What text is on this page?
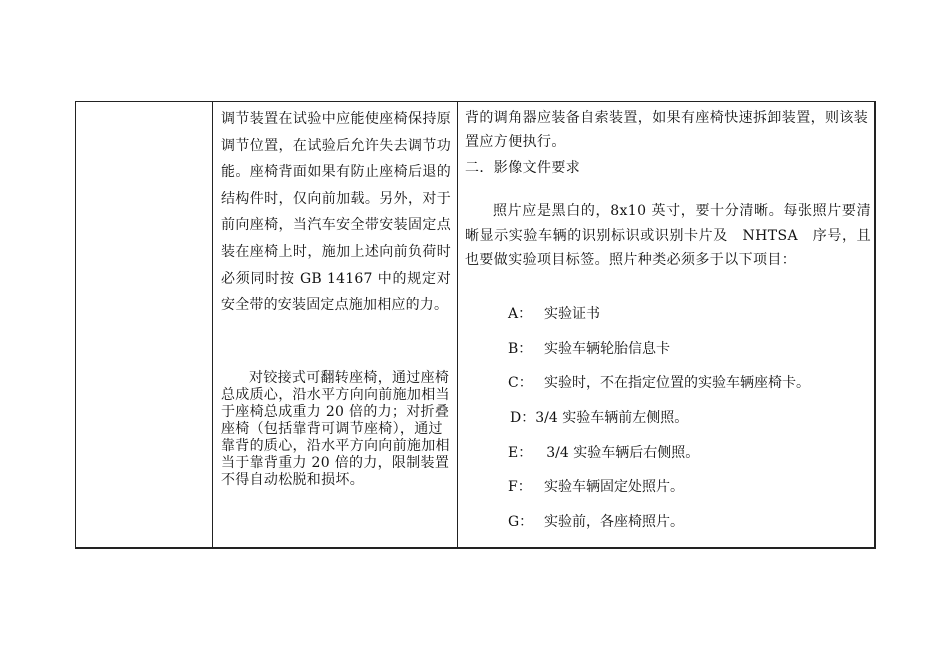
调节装置在试验中应能使座椅保持原调节位置，在试验后允许失去调节功能。座椅背面如果有防止座椅后退的结构件时，仅向前加载。另外，对于前向座椅，当汽车安全带安装固定点装在座椅上时，施加上述向前负荷时必须同时按 GB 14167 中的规定对安全带的安装固定点施加相应的力。

对铰接式可翻转座椅，通过座椅总成质心，沿水平方向向前施加相当于座椅总成重力 20 倍的力；对折叠座椅（包括靠背可调节座椅），通过靠背的质心，沿水平方向向前施加相当于靠背重力 20 倍的力，限制装置不得自动松脱和损坏。

背的调角器应装备自索装置，如果有座椅快速拆卸装置，则该装置应方便执行。

二．影像文件要求

照片应是黑白的，8x10 英寸，要十分清晰。每张照片要清晰显示实验车辆的识别标识或识别卡片及　NHTSA　序号，且也要做实验项目标签。照片种类必须多于以下项目：

A： 实验证书
B： 实验车辆轮胎信息卡
C： 实验时，不在指定位置的实验车辆座椅卡。
D：3/4 实验车辆前左侧照。
E： 3/4 实验车辆后右侧照。
F： 实验车辆固定处照片。
G： 实验前，各座椅照片。
